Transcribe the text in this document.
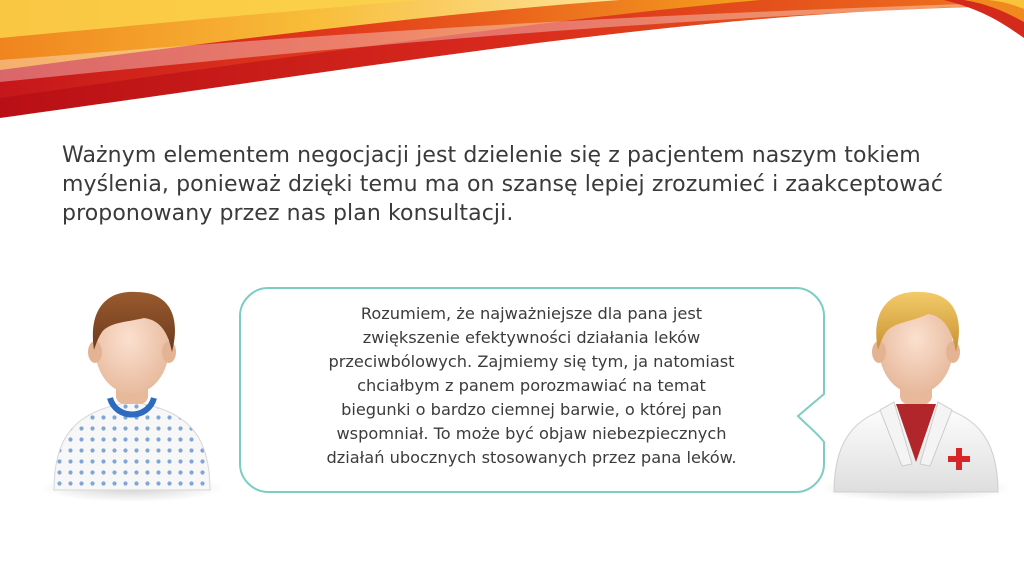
Ważnym elementem negocjacji jest dzielenie się z pacjentem naszym tokiem myślenia, ponieważ dzięki temu ma on szansę lepiej zrozumieć i zaakceptować proponowany przez nas plan konsultacji.

Rozumiem, że najważniejsze dla pana jest
zwiększenie efektywności działania leków
przeciwbólowych. Zajmiemy się tym, ja natomiast
chciałbym z panem porozmawiać na temat
biegunki o bardzo ciemnej barwie, o której pan
wspomniał. To może być objaw niebezpiecznych
działań ubocznych stosowanych przez pana leków.
